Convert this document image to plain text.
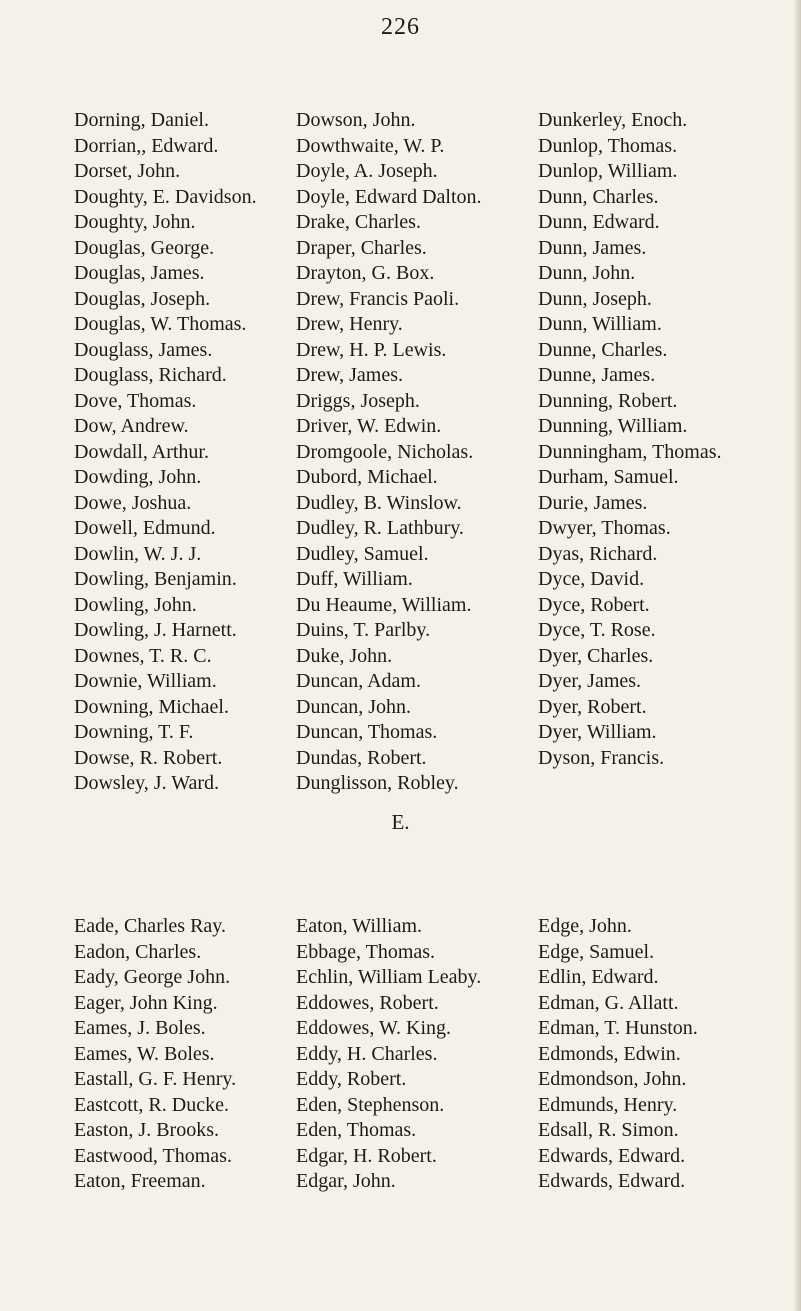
226
Dorning, Daniel.
Dorrian,, Edward.
Dorset, John.
Doughty, E. Davidson.
Doughty, John.
Douglas, George.
Douglas, James.
Douglas, Joseph.
Douglas, W. Thomas.
Douglass, James.
Douglass, Richard.
Dove, Thomas.
Dow, Andrew.
Dowdall, Arthur.
Dowding, John.
Dowe, Joshua.
Dowell, Edmund.
Dowlin, W. J. J.
Dowling, Benjamin.
Dowling, John.
Dowling, J. Harnett.
Downes, T. R. C.
Downie, William.
Downing, Michael.
Downing, T. F.
Dowse, R. Robert.
Dowsley, J. Ward.
Dowson, John.
Dowthwaite, W. P.
Doyle, A. Joseph.
Doyle, Edward Dalton.
Drake, Charles.
Draper, Charles.
Drayton, G. Box.
Drew, Francis Paoli.
Drew, Henry.
Drew, H. P. Lewis.
Drew, James.
Driggs, Joseph.
Driver, W. Edwin.
Dromgoole, Nicholas.
Dubord, Michael.
Dudley, B. Winslow.
Dudley, R. Lathbury.
Dudley, Samuel.
Duff, William.
Du Heaume, William.
Duins, T. Parlby.
Duke, John.
Duncan, Adam.
Duncan, John.
Duncan, Thomas.
Dundas, Robert.
Dunglisson, Robley.
Dunkerley, Enoch.
Dunlop, Thomas.
Dunlop, William.
Dunn, Charles.
Dunn, Edward.
Dunn, James.
Dunn, John.
Dunn, Joseph.
Dunn, William.
Dunne, Charles.
Dunne, James.
Dunning, Robert.
Dunning, William.
Dunningham, Thomas.
Durham, Samuel.
Durie, James.
Dwyer, Thomas.
Dyas, Richard.
Dyce, David.
Dyce, Robert.
Dyce, T. Rose.
Dyer, Charles.
Dyer, James.
Dyer, Robert.
Dyer, William.
Dyson, Francis.
E.
Eade, Charles Ray.
Eadon, Charles.
Eady, George John.
Eager, John King.
Eames, J. Boles.
Eames, W. Boles.
Eastall, G. F. Henry.
Eastcott, R. Ducke.
Easton, J. Brooks.
Eastwood, Thomas.
Eaton, Freeman.
Eaton, William.
Ebbage, Thomas.
Echlin, William Leaby.
Eddowes, Robert.
Eddowes, W. King.
Eddy, H. Charles.
Eddy, Robert.
Eden, Stephenson.
Eden, Thomas.
Edgar, H. Robert.
Edgar, John.
Edge, John.
Edge, Samuel.
Edlin, Edward.
Edman, G. Allatt.
Edman, T. Hunston.
Edmonds, Edwin.
Edmondson, John.
Edmunds, Henry.
Edsall, R. Simon.
Edwards, Edward.
Edwards, Edward.
